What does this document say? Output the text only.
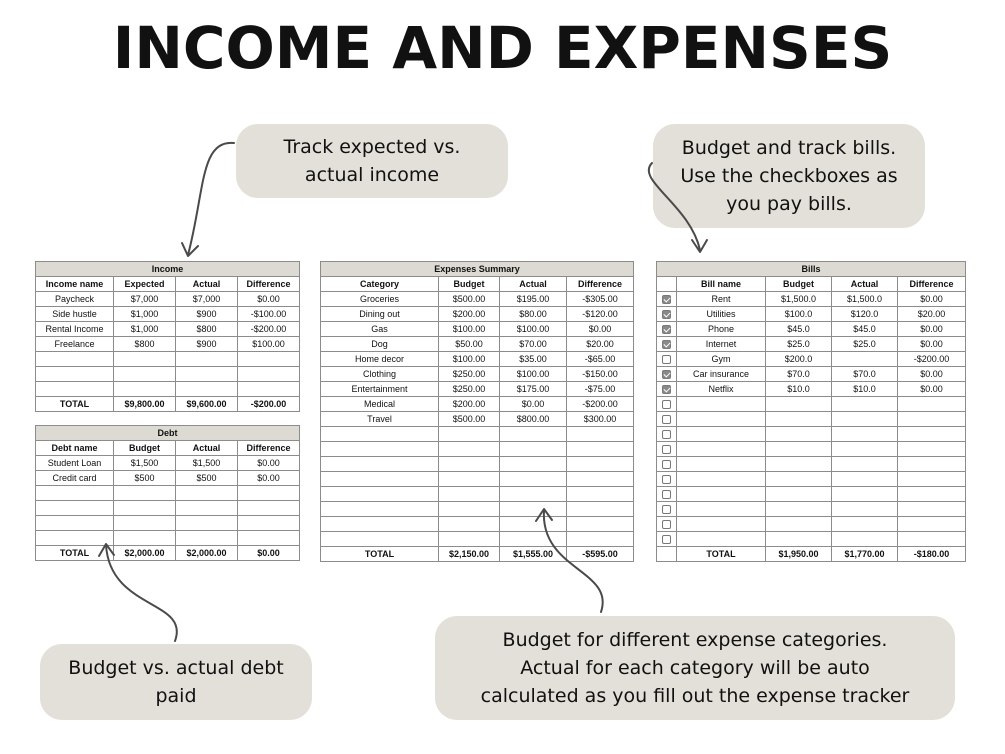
INCOME AND EXPENSES
Track expected vs.
actual income
Budget and track bills.
Use the checkboxes as
you pay bills.
Budget vs. actual debt
paid
Budget for different expense categories.
Actual for each category will be auto
calculated as you fill out the expense tracker
Income			
Income name	Expected	Actual	Difference
Paycheck	$7,000	$7,000	$0.00
Side hustle	$1,000	$900	-$100.00
Rental Income	$1,000	$800	-$200.00
Freelance	$800	$900	$100.00

TOTAL	$9,800.00	$9,600.00	-$200.00
Debt			
Debt name	Budget	Actual	Difference
Student Loan	$1,500	$1,500	$0.00
Credit card	$500	$500	$0.00

TOTAL	$2,000.00	$2,000.00	$0.00
Expenses Summary			
Category	Budget	Actual	Difference
Groceries	$500.00	$195.00	-$305.00
Dining out	$200.00	$80.00	-$120.00
Gas	$100.00	$100.00	$0.00
Dog	$50.00	$70.00	$20.00
Home decor	$100.00	$35.00	-$65.00
Clothing	$250.00	$100.00	-$150.00
Entertainment	$250.00	$175.00	-$75.00
Medical	$200.00	$0.00	-$200.00
Travel	$500.00	$800.00	$300.00

TOTAL	$2,150.00	$1,555.00	-$595.00
Bills				
	Bill name	Budget	Actual	Difference
	Rent	$1,500.0	$1,500.0	$0.00
	Utilities	$100.0	$120.0	$20.00
	Phone	$45.0	$45.0	$0.00
	Internet	$25.0	$25.0	$0.00
	Gym	$200.0		-$200.00
	Car insurance	$70.0	$70.0	$0.00
	Netflix	$10.0	$10.0	$0.00

	TOTAL	$1,950.00	$1,770.00	-$180.00
